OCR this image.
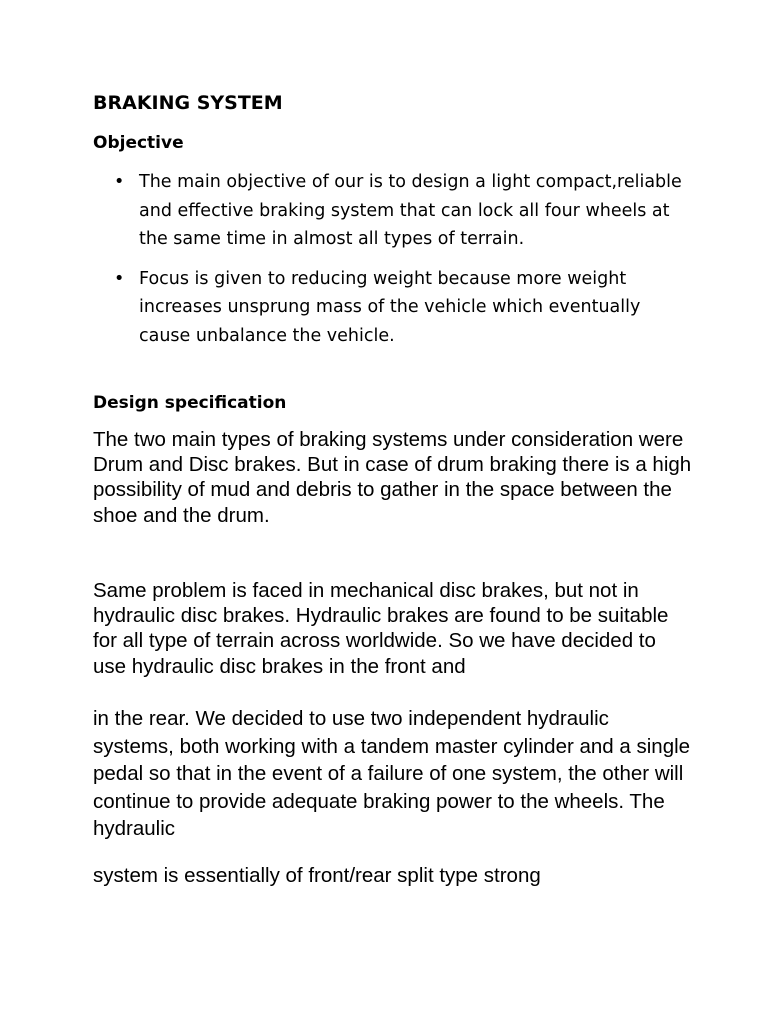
BRAKING SYSTEM
Objective
• The main objective of our is to design a light compact,reliable and effective braking system that can lock all four wheels at the same time in almost all types of terrain.
• Focus is given to reducing weight because more weight increases unsprung mass of the vehicle which eventually cause unbalance the vehicle.
Design specification

The two main types of braking systems under consideration were Drum and Disc brakes. But in case of drum braking there is a high possibility of mud and debris to gather in the space between the shoe and the drum.

Same problem is faced in mechanical disc brakes, but not in hydraulic disc brakes. Hydraulic brakes are found to be suitable for all type of terrain across worldwide. So we have decided to use hydraulic disc brakes in the front and

in the rear. We decided to use two independent hydraulic systems, both working with a tandem master cylinder and a single pedal so that in the event of a failure of one system, the other will continue to provide adequate braking power to the wheels. The hydraulic

system is essentially of front/rear split type strong
